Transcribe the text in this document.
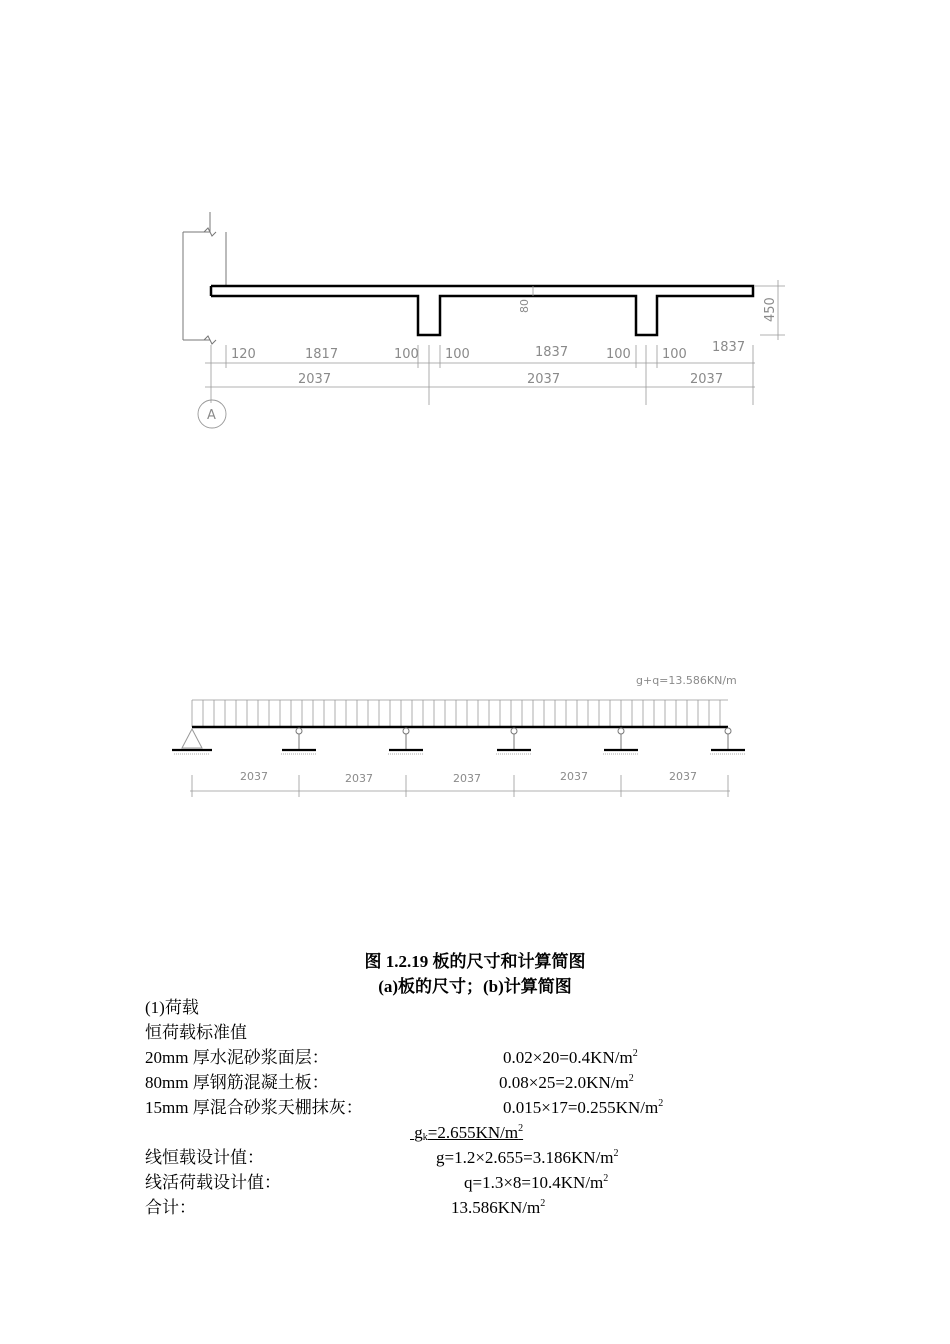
80	450
120	1817	100 100	1837	100 100 1837
2037	2037	2037
A
g+q=13.586KN/m
2037	2037	2037	2037	2037
图 1.2.19 板的尺寸和计算简图
(a)板的尺寸；(b)计算简图
(1)荷载
恒荷载标准值
20mm 厚水泥砂浆面层：	$0.02\times 20=0.4KN/m^2$
80mm 厚钢筋混凝土板：	$0.08\times 25=2.0KN/m^2$
15mm 厚混合砂浆天棚抹灰：	$0.015\times 17=0.255KN/m^2$
$g_k=2.655KN/m^2$
线恒载设计值：	$g=1.2\times 2.655=3.186KN/m^2$
线活荷载设计值：	$q=1.3\times 8=10.4KN/m^2$
合计：	$13.586KN/m^2$
